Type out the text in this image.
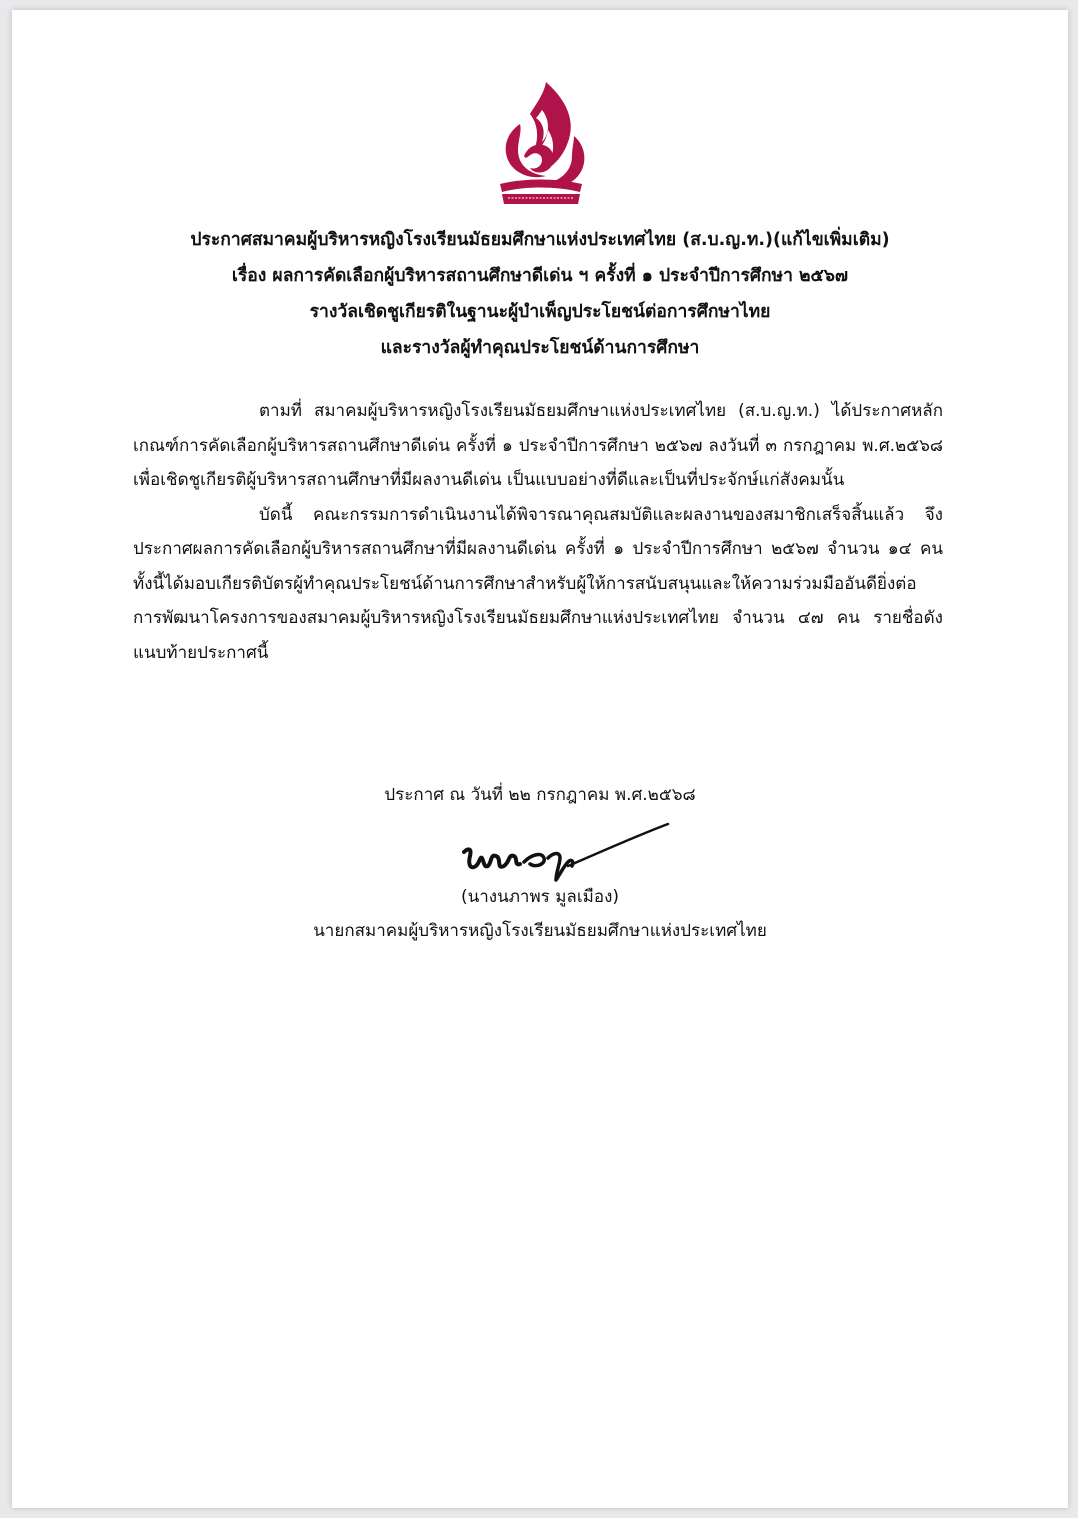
ประกาศสมาคมผู้บริหารหญิงโรงเรียนมัธยมศึกษาแห่งประเทศไทย (ส.บ.ญ.ท.)(แก้ไขเพิ่มเติม)
เรื่อง ผลการคัดเลือกผู้บริหารสถานศึกษาดีเด่น ฯ ครั้งที่ ๑ ประจำปีการศึกษา ๒๕๖๗
รางวัลเชิดชูเกียรติในฐานะผู้บำเพ็ญประโยชน์ต่อการศึกษาไทย
และรางวัลผู้ทำคุณประโยชน์ด้านการศึกษา

ตามที่ สมาคมผู้บริหารหญิงโรงเรียนมัธยมศึกษาแห่งประเทศไทย (ส.บ.ญ.ท.) ได้ประกาศหลักเกณฑ์การคัดเลือกผู้บริหารสถานศึกษาดีเด่น ครั้งที่ ๑ ประจำปีการศึกษา ๒๕๖๗ ลงวันที่ ๓ กรกฎาคม พ.ศ.๒๕๖๘ เพื่อเชิดชูเกียรติผู้บริหารสถานศึกษาที่มีผลงานดีเด่น เป็นแบบอย่างที่ดีและเป็นที่ประจักษ์แก่สังคมนั้น

บัดนี้ คณะกรรมการดำเนินงานได้พิจารณาคุณสมบัติและผลงานของสมาชิกเสร็จสิ้นแล้ว จึงประกาศผลการคัดเลือกผู้บริหารสถานศึกษาที่มีผลงานดีเด่น ครั้งที่ ๑ ประจำปีการศึกษา ๒๕๖๗ จำนวน ๑๔ คน ทั้งนี้ได้มอบเกียรติบัตรผู้ทำคุณประโยชน์ด้านการศึกษาสำหรับผู้ให้การสนับสนุนและให้ความร่วมมืออันดียิ่งต่อการพัฒนาโครงการของสมาคมผู้บริหารหญิงโรงเรียนมัธยมศึกษาแห่งประเทศไทย จำนวน ๔๗ คน รายชื่อดังแนบท้ายประกาศนี้

ประกาศ ณ วันที่ ๒๒ กรกฎาคม พ.ศ.๒๕๖๘
(นางนภาพร มูลเมือง)
นายกสมาคมผู้บริหารหญิงโรงเรียนมัธยมศึกษาแห่งประเทศไทย
